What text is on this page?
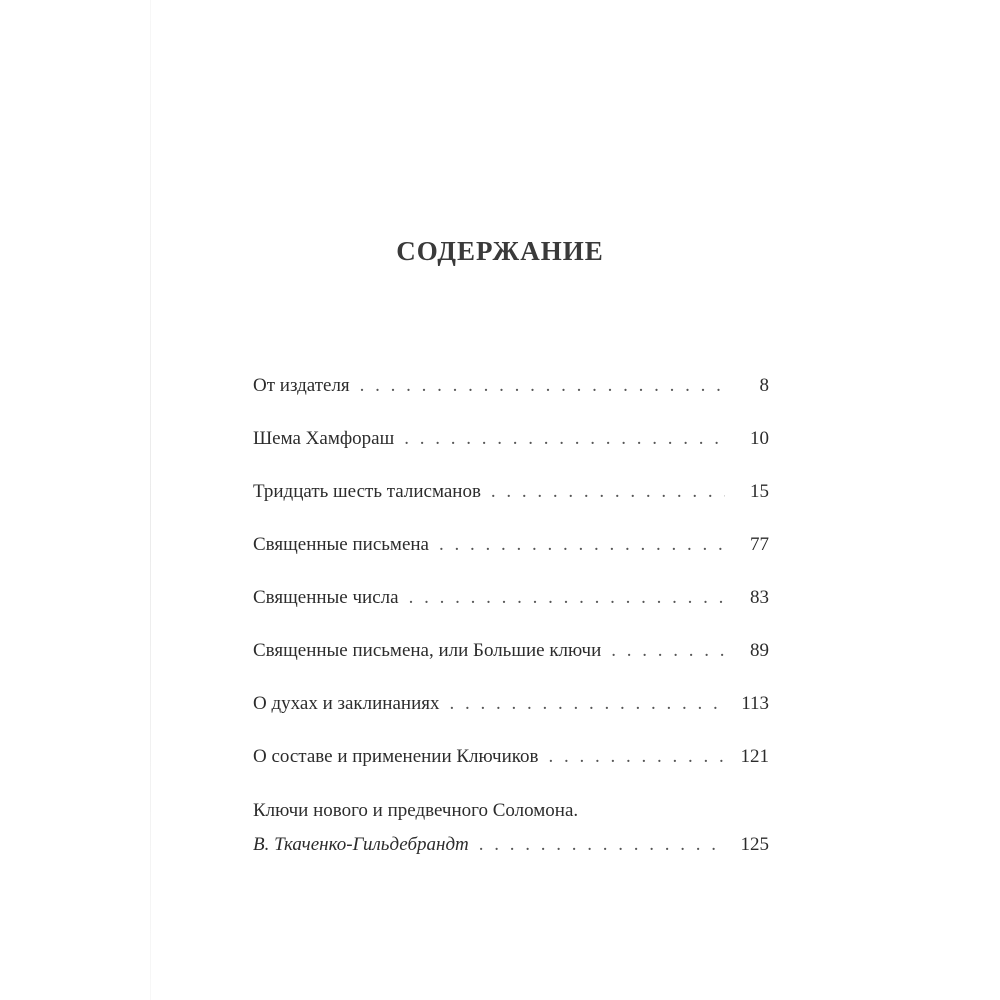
СОДЕРЖАНИЕ
От издателя . . .	8
Шема Хамфораш . . .	10
Тридцать шесть талисманов . . .	15
Священные письмена . . .	77
Священные числа . . .	83
Священные письмена, или Большие ключи . . .	89
О духах и заклинаниях . . .	113
О составе и применении Ключиков . . .	121
Ключи нового и предвечного Соломона.
В. Ткаченко-Гильдебрандт . . .	125
